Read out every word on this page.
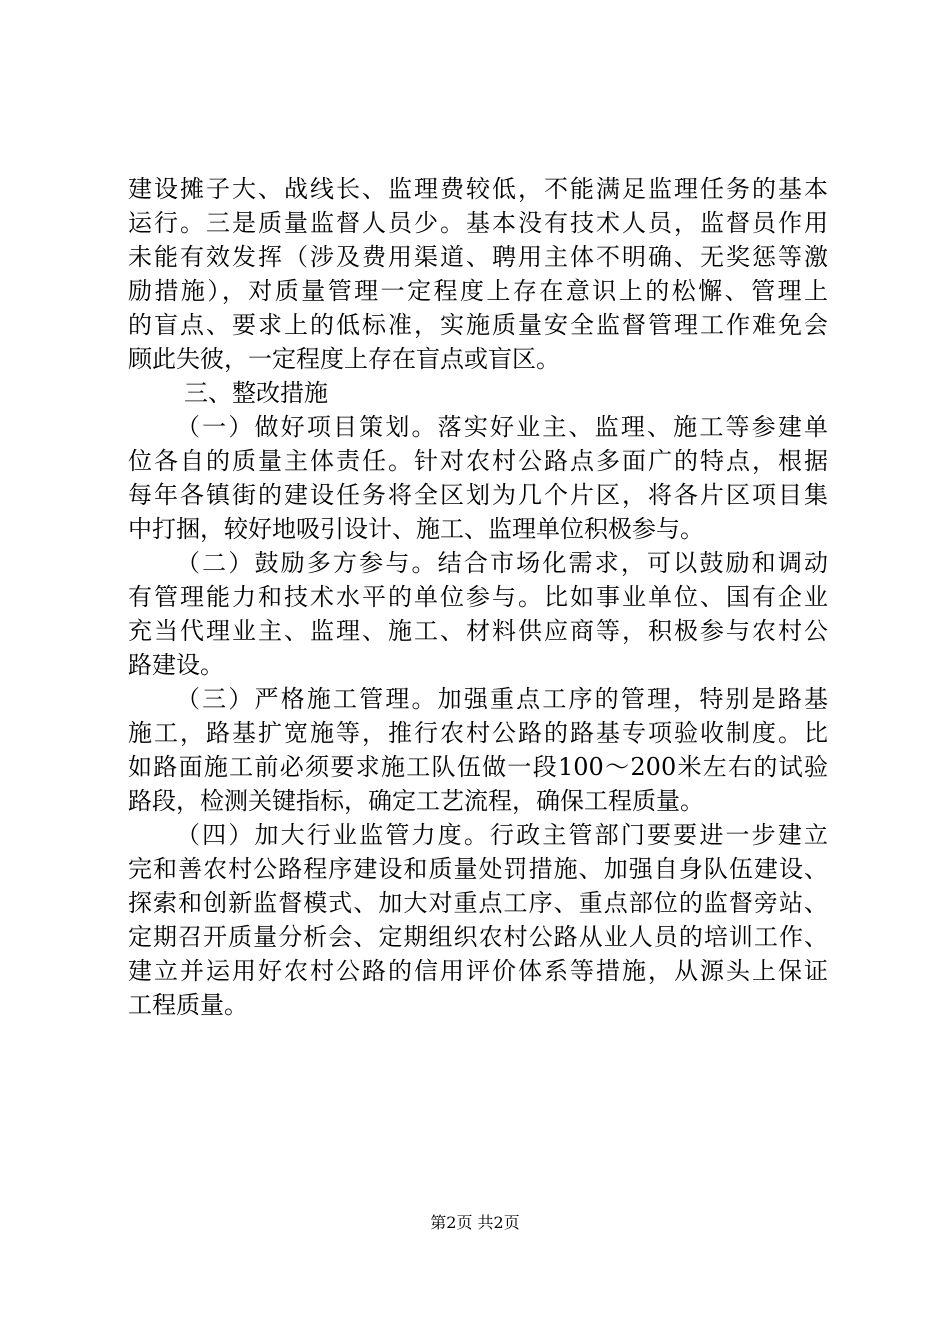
建设摊子大、战线长、监理费较低，不能满足监理任务的基本
运行。三是质量监督人员少。基本没有技术人员，监督员作用
未能有效发挥（涉及费用渠道、聘用主体不明确、无奖惩等激
励措施），对质量管理一定程度上存在意识上的松懈、管理上
的盲点、要求上的低标准，实施质量安全监督管理工作难免会
顾此失彼，一定程度上存在盲点或盲区。
三、整改措施
（一）做好项目策划。落实好业主、监理、施工等参建单
位各自的质量主体责任。针对农村公路点多面广的特点，根据
每年各镇街的建设任务将全区划为几个片区，将各片区项目集
中打捆，较好地吸引设计、施工、监理单位积极参与。
（二）鼓励多方参与。结合市场化需求，可以鼓励和调动
有管理能力和技术水平的单位参与。比如事业单位、国有企业
充当代理业主、监理、施工、材料供应商等，积极参与农村公
路建设。
（三）严格施工管理。加强重点工序的管理，特别是路基
施工，路基扩宽施等，推行农村公路的路基专项验收制度。比
如路面施工前必须要求施工队伍做一段100～200米左右的试验
路段，检测关键指标，确定工艺流程，确保工程质量。
（四）加大行业监管力度。行政主管部门要要进一步建立
完和善农村公路程序建设和质量处罚措施、加强自身队伍建设、
探索和创新监督模式、加大对重点工序、重点部位的监督旁站、
定期召开质量分析会、定期组织农村公路从业人员的培训工作、
建立并运用好农村公路的信用评价体系等措施，从源头上保证
工程质量。
第2页 共2页
